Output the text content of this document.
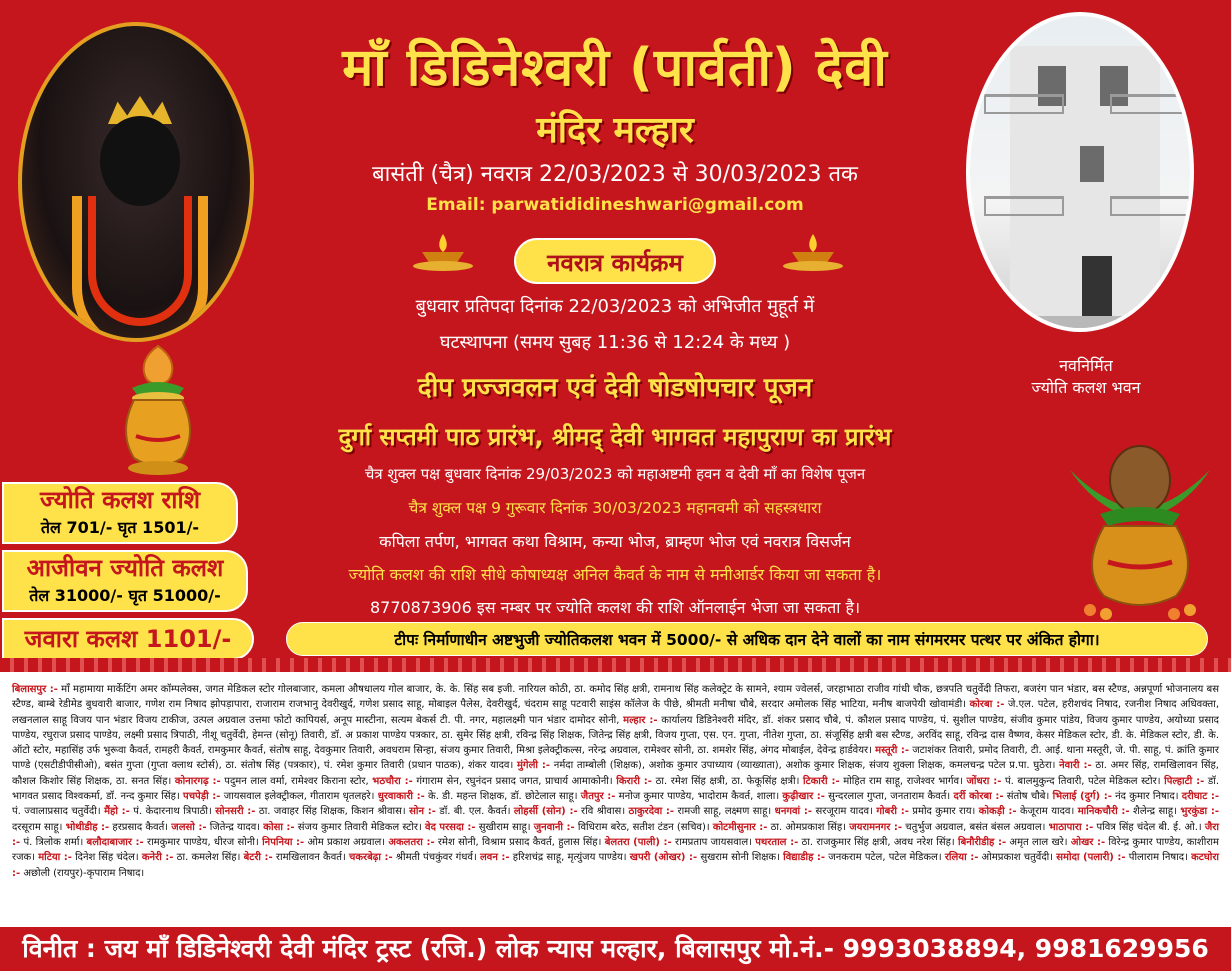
माँ डिडिनेश्वरी (पार्वती) देवी
मंदिर मल्हार
बासंती (चैत्र) नवरात्र 22/03/2023 से 30/03/2023 तक
Email: parwatididineshwari@gmail.com
नवरात्र कार्यक्रम
बुधवार प्रतिपदा दिनांक 22/03/2023 को अभिजीत मुहूर्त में
घटस्थापना (समय सुबह 11:36 से 12:24 के मध्य )
दीप प्रज्जवलन एवं देवी षोडषोपचार पूजन
दुर्गा सप्तमी पाठ प्रारंभ, श्रीमद् देवी भागवत महापुराण का प्रारंभ
चैत्र शुक्ल पक्ष बुधवार दिनांक 29/03/2023 को महाअष्टमी हवन व देवी माँ का विशेष पूजन
चैत्र शुक्ल पक्ष 9 गुरूवार दिनांक 30/03/2023 महानवमी को सहस्त्रधारा
कपिला तर्पण, भागवत कथा विश्राम, कन्या भोज, ब्राम्हण भोज एवं नवरात्र विसर्जन
ज्योति कलश की राशि सीधे कोषाध्यक्ष अनिल कैवर्त के नाम से मनीआर्डर किया जा सकता है।
8770873906 इस नम्बर पर ज्योति कलश की राशि ऑनलाईन भेजा जा सकता है।
नवनिर्मित
ज्योति कलश भवन
ज्योति कलश राशि
तेल 701/- घृत 1501/-
आजीवन ज्योति कलश
तेल 31000/- घृत 51000/-
जवारा कलश 1101/-	टीपः निर्माणाधीन अष्टभुजी ज्योतिकलश भवन में 5000/- से अधिक दान देने वालों का नाम संगमरमर पत्थर पर अंकित होगा।

बिलासपुर :- माँ महामाया मार्केटिंग अमर कॉम्पलेक्स, जगत मेडिकल स्टोर गोलबाजार, कमला औषधालय गोल बाजार, के. के. सिंह सब इजी. नारियल कोठी, ठा. कमोद सिंह क्षत्री, रामनाथ सिंह कलेक्ट्रेट के सामने, श्याम ज्वेलर्स, जरहाभाठा राजीव गांधी चौक, छत्रपति चतुर्वेदी तिफरा, बजरंग पान भंडार, बस स्टैण्ड, अन्नपूर्णा भोजनालय बस स्टैण्ड, बाम्बे रेडीमेड बुधवारी बाजार, गणेश राम निषाद झोपड़ापारा, राजाराम राजभानु देवरीखुर्द, गणेश प्रसाद साहू, मोबाइल पैलेस, देवरीखुर्द, चंदराम साहू पटवारी साइंस कॉलेज के पीछे, श्रीमती मनीषा चौबे, सरदार अमोलक सिंह भाटिया, मनीष बाजपेयी खोवामंडी। कोरबा :- जे.एल. पटेल, हरीशचंद निषाद, रजनीश निषाद अधिवक्ता, लखनलाल साहू विजय पान भंडार विजय टाकीज, उत्पल अग्रवाल उत्तमा फोटो कापियर्स, अनूप मास्टीना, सत्यम बेकर्स टी. पी. नगर, महालक्ष्मी पान भंडार दामोदर सोनी, मल्हार :- कार्यालय डिडिनेश्वरी मंदिर, डॉ. शंकर प्रसाद चौबे, पं. कौशल प्रसाद पाण्डेय, पं. सुशील पाण्डेय, संजीव कुमार पांडेय, विजय कुमार पाण्डेय, अयोध्या प्रसाद पाण्डेय, रघुराज प्रसाद पाण्डेय, लक्ष्मी प्रसाद त्रिपाठी, नीशू चतुर्वेदी, हेमन्त (सोनू) तिवारी, डॉ. अ प्रकाश पाण्डेय पत्रकार, ठा. सुमेर सिंह क्षत्री, रविन्द्र सिंह शिक्षक, जितेन्द्र सिंह क्षत्री, विजय गुप्ता, एस. एन. गुप्ता, नीतेश गुप्ता, ठा. संजूसिंह क्षत्री बस स्टैण्ड, अरविंद साहू, रविन्द्र दास वैष्णव, केसर मेडिकल स्टोर, डी. के. मेडिकल स्टोर, डी. के. ऑटो स्टोर, महासिंह उर्फ भुरूवा कैवर्त, रामहरी कैवर्त, रामकुमार कैवर्त, संतोष साहू, देवकुमार तिवारी, अवधराम सिन्हा, संजय कुमार तिवारी, मिश्रा इलेक्ट्रीकल्स, नरेन्द्र अग्रवाल, रामेश्वर सोनी, ठा. शमशेर सिंह, अंगद मोबाईल, देवेन्द्र हार्डवेयर। मस्तूरी :- जटाशंकर तिवारी, प्रमोद तिवारी, टी. आई. थाना मस्तूरी, जे. पी. साहू, पं. क्रांति कुमार पाण्डे (एसटीडीपीसीओ), बसंत गुप्ता (गुप्ता क्लाथ स्टोर्स), ठा. संतोष सिंह (पत्रकार), पं. रमेश कुमार तिवारी (प्रधान पाठक), शंकर यादव। मुंगेली :- नर्मदा ताम्बोली (शिक्षक), अशोक कुमार उपाध्याय (व्याख्याता), अशोक कुमार शिक्षक, संजय शुक्ला शिक्षक, कमलचन्द्र पटेल प्र.पा. घुठेरा। नेवारी :- ठा. अमर सिंह, रामखिलावन सिंह, कौशल किशोर सिंह शिक्षक, ठा. सनत सिंह। कोनारगढ़ :- पदुमन लाल वर्मा, रामेश्वर किराना स्टोर, भठचौरा :- गंगाराम सेन, रघुनंदन प्रसाद जगत, प्राचार्य आमाकोनी। किरारी :- ठा. रमेश सिंह क्षत्री, ठा. फेकूसिंह क्षत्री। टिकारी :- मोहित राम साहू, राजेश्वर भार्गव। जोंधरा :- पं. बालमुकुन्द तिवारी, पटेल मेडिकल स्टोर। पिल्हाटी :- डॉ. भागवत प्रसाद विश्वकर्मा, डॉ. नन्द कुमार सिंह। पचपेड़ी :- जायसवाल इलेक्ट्रीकल, गीताराम धृतलहरे। धुरवाकारी :- के. डी. महन्त शिक्षक, डॉ. छोटेलाल साहू। जैतपुर :- मनोज कुमार पाण्डेय, भादोराम कैवर्त, शाला। कुढ़ीखार :- सुन्दरलाल गुप्ता, जनताराम कैवर्त। दर्री कोरबा :- संतोष चौबे। भिलाई (दुर्ग) :- नंद कुमार निषाद। दरीघाट :- पं. ज्वालाप्रसाद चतुर्वेदी। मैंहो :- पं. केदारनाथ त्रिपाठी। सोनसरी :- ठा. जवाहर सिंह शिक्षक, किशन श्रीवास। सोन :- डॉ. बी. एल. कैवर्त। लोहर्सी (सोन) :- रवि श्रीवास। ठाकुरदेवा :- रामजी साहू, लक्ष्मण साहू। धनगवां :- सरजूराम यादव। गोबरी :- प्रमोद कुमार राय। कोकड़ी :- केजूराम यादव। मानिकचौरी :- शैलेन्द्र साहू। भुरकुंडा :- दरसूराम साहू। भोथीडीह :- हरप्रसाद कैवर्त। जलसो :- जितेन्द्र यादव। कोसा :- संजय कुमार तिवारी मेडिकल स्टोर। वेद परसदा :- सुखीराम साहू। जुनवानी :- विधिराम बरेठ, सतीश टंडन (सचिव)। कोटमीसुनार :- ठा. ओमप्रकाश सिंह। जयरामनगर :- चतुर्भुज अग्रवाल, बसंत बंसल अग्रवाल। भाठापारा :- पवित्र सिंह चंदेल बी. ई. ओ.। जैरा :- पं. त्रिलोक शर्मा। बलौदाबाजार :- रामकुमार पाण्डेय, धीरज सोनी। निपनिया :- ओम प्रकाश अग्रवाल। अकलतरा :- रमेश सोनी, विश्राम प्रसाद कैवर्त, हुलास सिंह। बेलतरा (पाली) :- रामप्रताप जायसवाल। पथरताल :- ठा. राजकुमार सिंह क्षत्री, अवध नरेश सिंह। बिनौरीडीह :- अमृत लाल खरे। ओखर :- विरेन्द्र कुमार पाण्डेय, काशीराम रजक। मटिया :- दिनेश सिंह चंदेल। कनेरी :- ठा. कमलेश सिंह। बेटरी :- रामखिलावन कैवर्त। चकरबेढ़ा :- श्रीमती पंचकुंवर गंधर्व। लवन :- हरिशचंद्र साहू, मृत्युंजय पाण्डेय। खपरी (ओखर) :- सुखराम सोनी शिक्षक। विद्याडीह :- जनकराम पटेल, पटेल मेडिकल। रलिया :- ओमप्रकाश चतुर्वेदी। समोदा (पलारी) :- पीलाराम निषाद। कटघोरा :- अछोली (रायपुर)-कृपाराम निषाद।

विनीत : जय माँ डिडिनेश्वरी देवी मंदिर ट्रस्ट (रजि.) लोक न्यास मल्हार, बिलासपुर मो.नं.- 9993038894, 9981629956
